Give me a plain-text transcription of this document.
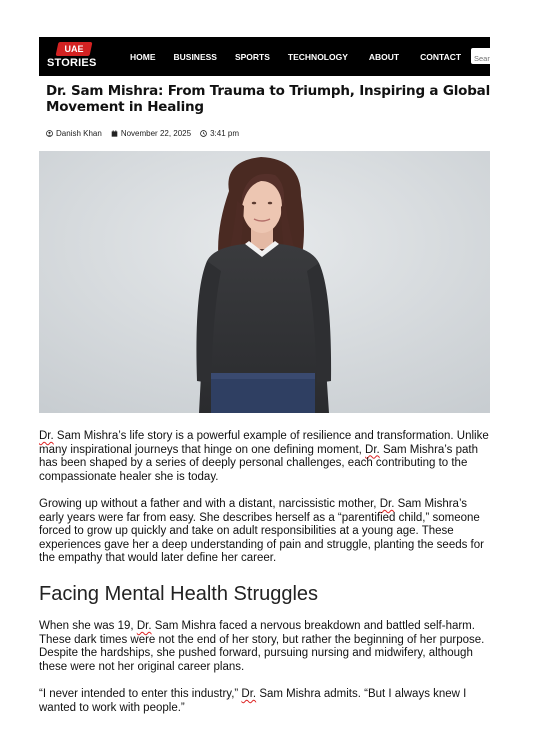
UAE
STORIES
HOME BUSINESS SPORTS TECHNOLOGY ABOUT CONTACT
Search
Dr. Sam Mishra: From Trauma to Triumph, Inspiring a Global Movement in Healing
Danish Khan November 22, 2025 3:41 pm

Dr. Sam Mishra’s life story is a powerful example of resilience and transformation. Unlike many inspirational journeys that hinge on one defining moment, Dr. Sam Mishra’s path has been shaped by a series of deeply personal challenges, each contributing to the compassionate healer she is today.

Growing up without a father and with a distant, narcissistic mother, Dr. Sam Mishra’s early years were far from easy. She describes herself as a “parentified child,” someone forced to grow up quickly and take on adult responsibilities at a young age. These experiences gave her a deep understanding of pain and struggle, planting the seeds for the empathy that would later define her career.

Facing Mental Health Struggles

When she was 19, Dr. Sam Mishra faced a nervous breakdown and battled self-harm. These dark times were not the end of her story, but rather the beginning of her purpose. Despite the hardships, she pushed forward, pursuing nursing and midwifery, although these were not her original career plans.

“I never intended to enter this industry,” Dr. Sam Mishra admits. “But I always knew I wanted to work with people.”
